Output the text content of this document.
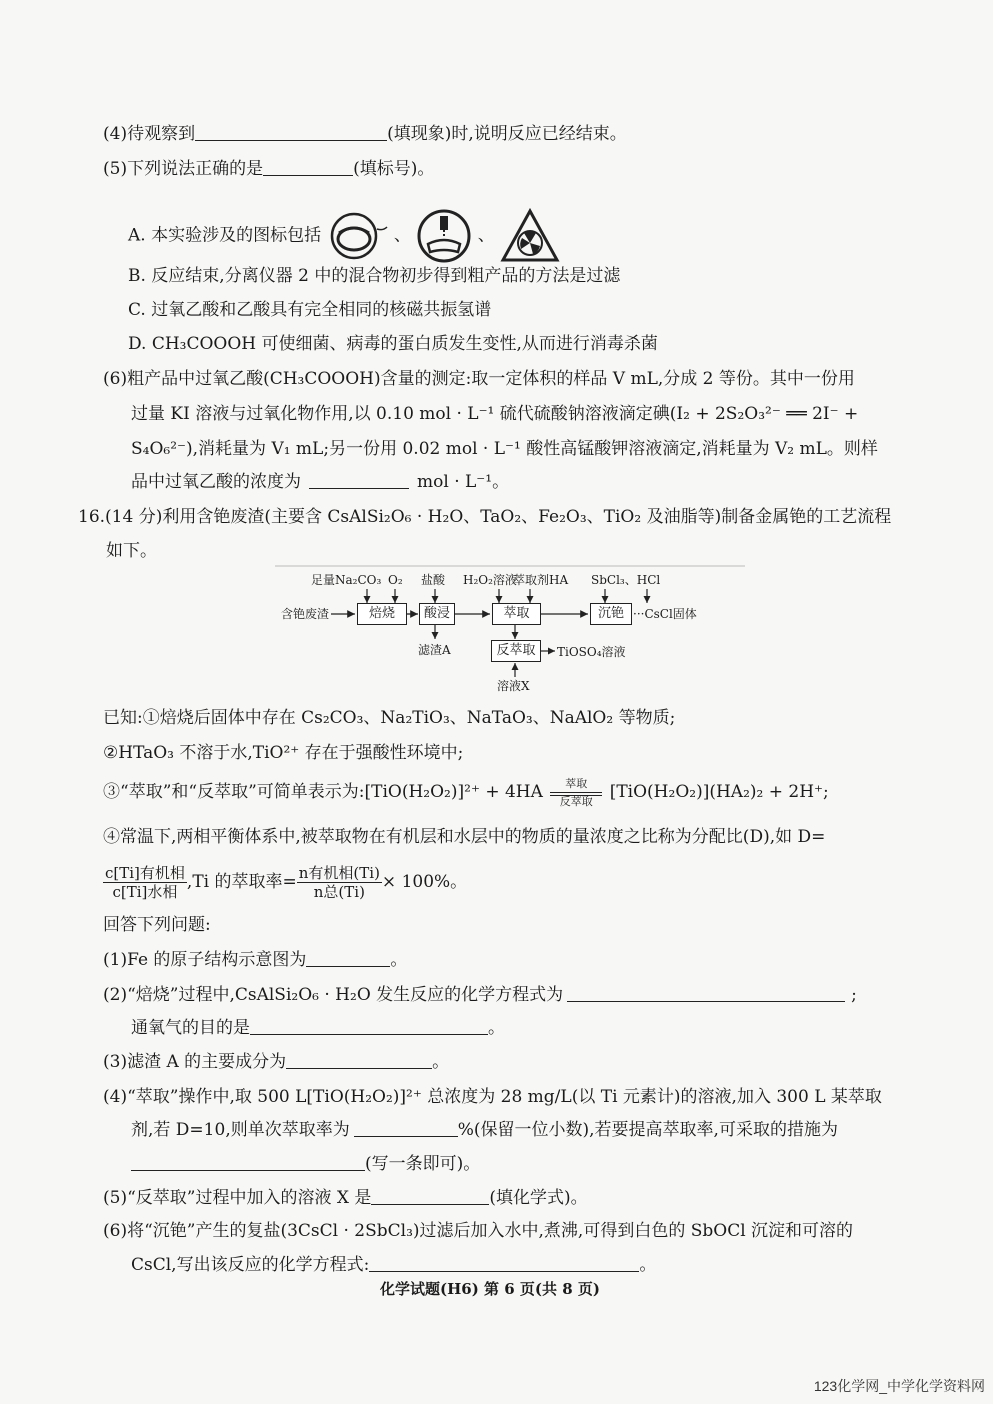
(4)待观察到	(填现象)时,说明反应已经结束。
(5)下列说法正确的是	(填标号)。
A. 本实验涉及的图标包括	、	、
B. 反应结束,分离仪器 2 中的混合物初步得到粗产品的方法是过滤
C. 过氧乙酸和乙酸具有完全相同的核磁共振氢谱
D. CH₃COOOH 可使细菌、病毒的蛋白质发生变性,从而进行消毒杀菌
(6)粗产品中过氧乙酸(CH₃COOOH)含量的测定:取一定体积的样品 V mL,分成 2 等份。其中一份用
过量 KI 溶液与过氧化物作用,以 0.10 mol · L⁻¹ 硫代硫酸钠溶液滴定碘(I₂ + 2S₂O₃²⁻ ══ 2I⁻ +
S₄O₆²⁻),消耗量为 V₁ mL;另一份用 0.02 mol · L⁻¹ 酸性高锰酸钾溶液滴定,消耗量为 V₂ mL。则样
品中过氧乙酸的浓度为	mol · L⁻¹。
16.(14 分)利用含铯废渣(主要含 CsAlSi₂O₆ · H₂O、TaO₂、Fe₂O₃、TiO₂ 及油脂等)制备金属铯的工艺流程
如下。
足量Na₂CO₃ O₂ 盐酸 H₂O₂溶液
萃取剂HA SbCl₃、HCl
含铯废渣	焙烧	酸浸	萃取	沉铯 ···CsCl固体
滤渣A	反萃取	TiOSO₄溶液
溶液X
已知:①焙烧后固体中存在 Cs₂CO₃、Na₂TiO₃、NaTaO₃、NaAlO₂ 等物质;
②HTaO₃ 不溶于水,TiO²⁺ 存在于强酸性环境中;
③“萃取”和“反萃取”可简单表示为:[TiO(H₂O₂)]²⁺ + 4HA	萃取
反萃取 [TiO(H₂O₂)](HA₂)₂ + 2H⁺;
④常温下,两相平衡体系中,被萃取物在有机层和水层中的物质的量浓度之比称为分配比(D),如 D=
$\frac{\text{c[Ti]有机相}}{\text{c[Ti]水相}} ,Ti$ 的萃取率= $\frac{\text{n有机相(Ti)}}{\text{n总(Ti)}} \times 100\%$。
回答下列问题:
(1)Fe 的原子结构示意图为	。
(2)“焙烧”过程中,CsAlSi₂O₆ · H₂O 发生反应的化学方程式为	;
通氧气的目的是	。
(3)滤渣 A 的主要成分为	。
(4)“萃取”操作中,取 500 L[TiO(H₂O₂)]²⁺ 总浓度为 28 mg/L(以 Ti 元素计)的溶液,加入 300 L 某萃取
剂,若 D=10,则单次萃取率为	%(保留一位小数),若要提高萃取率,可采取的措施为
(写一条即可)。
(5)“反萃取”过程中加入的溶液 X 是	(填化学式)。
(6)将“沉铯”产生的复盐(3CsCl · 2SbCl₃)过滤后加入水中,煮沸,可得到白色的 SbOCl 沉淀和可溶的
CsCl,写出该反应的化学方程式:	。
化学试题(H6) 第 6 页(共 8 页)
123化学网_中学化学资料网
